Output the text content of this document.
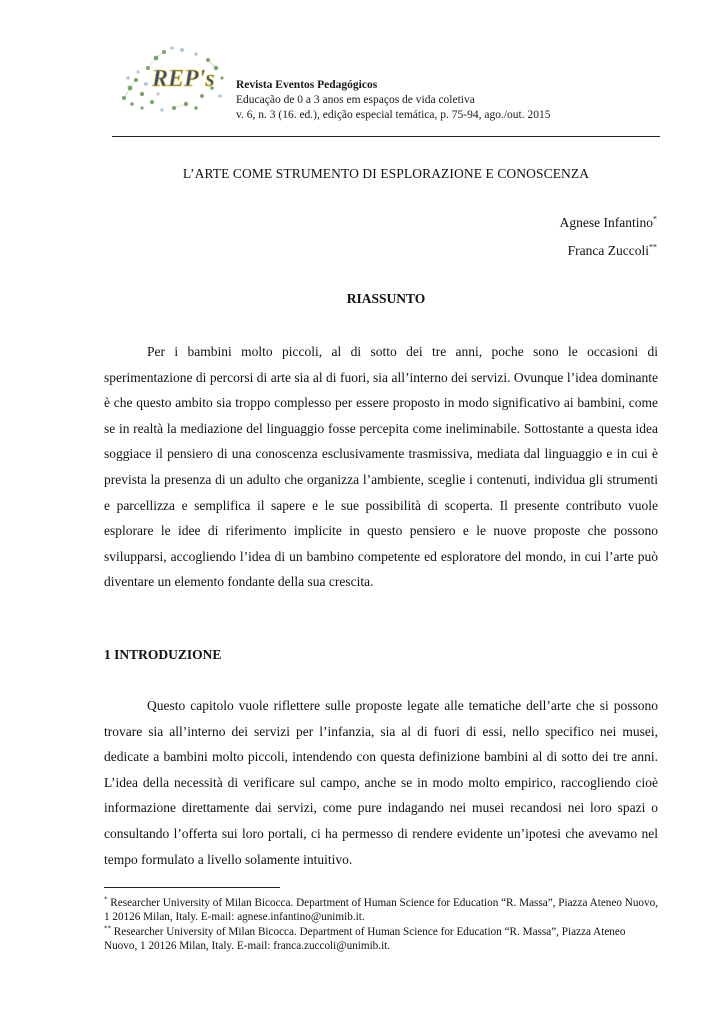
REP's Revista Eventos Pedagógicos
Educação de 0 a 3 anos em espaços de vida coletiva
v. 6, n. 3 (16. ed.), edição especial temática, p. 75-94, ago./out. 2015
L’ARTE COME STRUMENTO DI ESPLORAZIONE E CONOSCENZA
Agnese Infantino*
Franca Zuccoli**
RIASSUNTO

Per i bambini molto piccoli, al di sotto dei tre anni, poche sono le occasioni di sperimentazione di percorsi di arte sia al di fuori, sia all’interno dei servizi. Ovunque l’idea dominante è che questo ambito sia troppo complesso per essere proposto in modo significativo ai bambini, come se in realtà la mediazione del linguaggio fosse percepita come ineliminabile. Sottostante a questa idea soggiace il pensiero di una conoscenza esclusivamente trasmissiva, mediata dal linguaggio e in cui è prevista la presenza di un adulto che organizza l’ambiente, sceglie i contenuti, individua gli strumenti e parcellizza e semplifica il sapere e le sue possibilità di scoperta. Il presente contributo vuole esplorare le idee di riferimento implicite in questo pensiero e le nuove proposte che possono svilupparsi, accogliendo l’idea di un bambino competente ed esploratore del mondo, in cui l’arte può diventare un elemento fondante della sua crescita.

1 INTRODUZIONE

Questo capitolo vuole riflettere sulle proposte legate alle tematiche dell’arte che si possono trovare sia all’interno dei servizi per l’infanzia, sia al di fuori di essi, nello specifico nei musei, dedicate a bambini molto piccoli, intendendo con questa definizione bambini al di sotto dei tre anni. L’idea della necessità di verificare sul campo, anche se in modo molto empirico, raccogliendo cioè informazione direttamente dai servizi, come pure indagando nei musei recandosi nei loro spazi o consultando l’offerta sui loro portali, ci ha permesso di rendere evidente un’ipotesi che avevamo nel tempo formulato a livello solamente intuitivo.

* Researcher University of Milan Bicocca. Department of Human Science for Education “R. Massa”, Piazza Ateneo Nuovo, 1 20126 Milan, Italy. E-mail: agnese.infantino@unimib.it.

** Researcher University of Milan Bicocca. Department of Human Science for Education “R. Massa”, Piazza Ateneo Nuovo, 1 20126 Milan, Italy. E-mail: franca.zuccoli@unimib.it.
